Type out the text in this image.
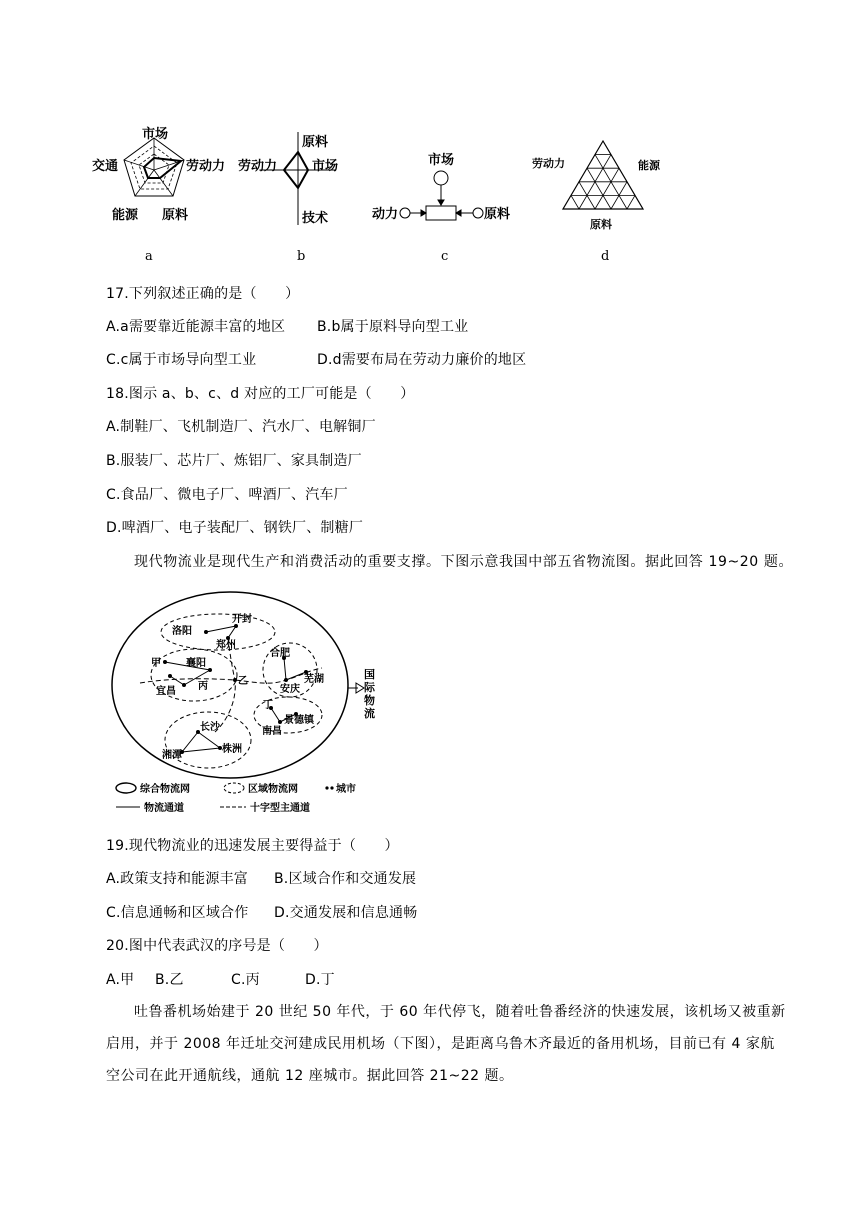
市场
交通	劳动力
能源 原料
原料
劳动力	市场
技术
市场
动力	原料
劳动力	能源
原料
a	b	c	d
17.下列叙述正确的是（　　）
A.a需要靠近能源丰富的地区 B.b属于原料导向型工业
C.c属于市场导向型工业	D.d需要布局在劳动力廉价的地区
18.图示 a、b、c、d 对应的工厂可能是（　　）
A.制鞋厂、飞机制造厂、汽水厂、电解铜厂
B.服装厂、芯片厂、炼铝厂、家具制造厂
C.食品厂、微电子厂、啤酒厂、汽车厂
D.啤酒厂、电子装配厂、钢铁厂、制糖厂
现代物流业是现代生产和消费活动的重要支撑。下图示意我国中部五省物流图。据此回答 19~20 题。
洛阳
开封
郑州
甲	襄阳
乙
宜昌 丙
合肥
安庆
芜湖
丁
景德镇
南昌
长沙
湘潭
株洲
国
际
物
流
综合物流网	区域物流网	城市
物流通道	十字型主通道
19.现代物流业的迅速发展主要得益于（　　）
A.政策支持和能源丰富 B.区域合作和交通发展
C.信息通畅和区域合作 D.交通发展和信息通畅
20.图中代表武汉的序号是（　　）
A.甲 B.乙	C.丙	D.丁
吐鲁番机场始建于 20 世纪 50 年代，于 60 年代停飞，随着吐鲁番经济的快速发展，该机场又被重新启用，并于 2008 年迁址交河建成民用机场（下图），是距离乌鲁木齐最近的备用机场，目前已有 4 家航空公司在此开通航线，通航 12 座城市。据此回答 21~22 题。
